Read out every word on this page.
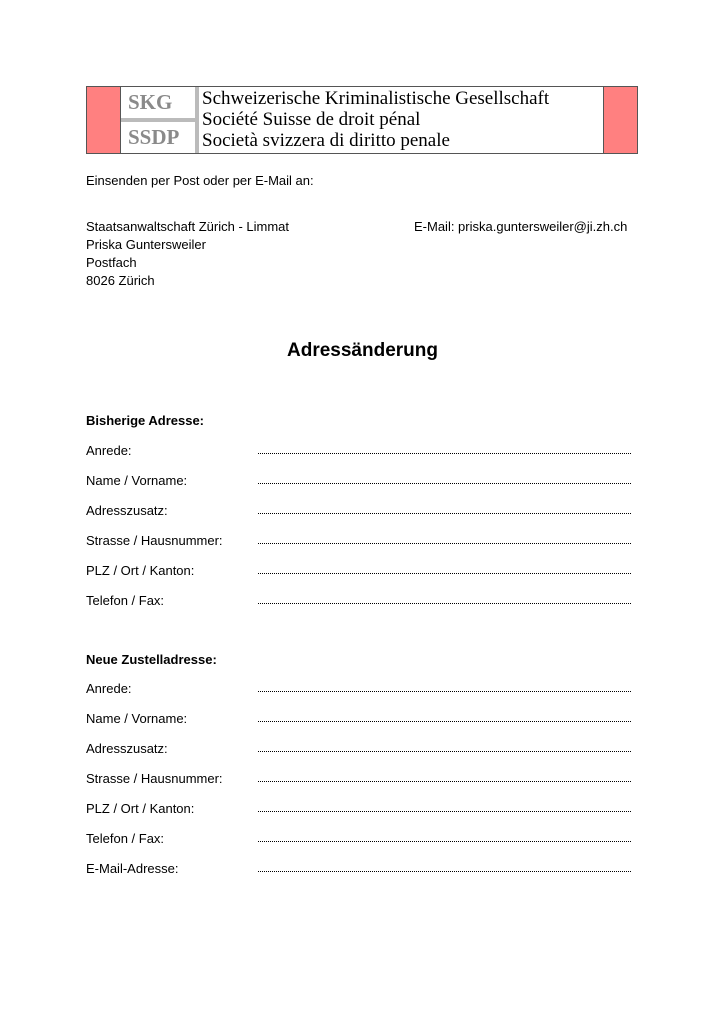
SKG
SSDP
Schweizerische Kriminalistische Gesellschaft
Société Suisse de droit pénal
Società svizzera di diritto penale
Einsenden per Post oder per E-Mail an:
Staatsanwaltschaft Zürich - Limmat
Priska Guntersweiler
Postfach
8026 Zürich
E-Mail: priska.guntersweiler@ji.zh.ch
Adressänderung
Bisherige Adresse:
Anrede:
Name / Vorname:
Adresszusatz:
Strasse / Hausnummer:
PLZ / Ort / Kanton:
Telefon / Fax:
Neue Zustelladresse:
Anrede:
Name / Vorname:
Adresszusatz:
Strasse / Hausnummer:
PLZ / Ort / Kanton:
Telefon / Fax:
E-Mail-Adresse:
